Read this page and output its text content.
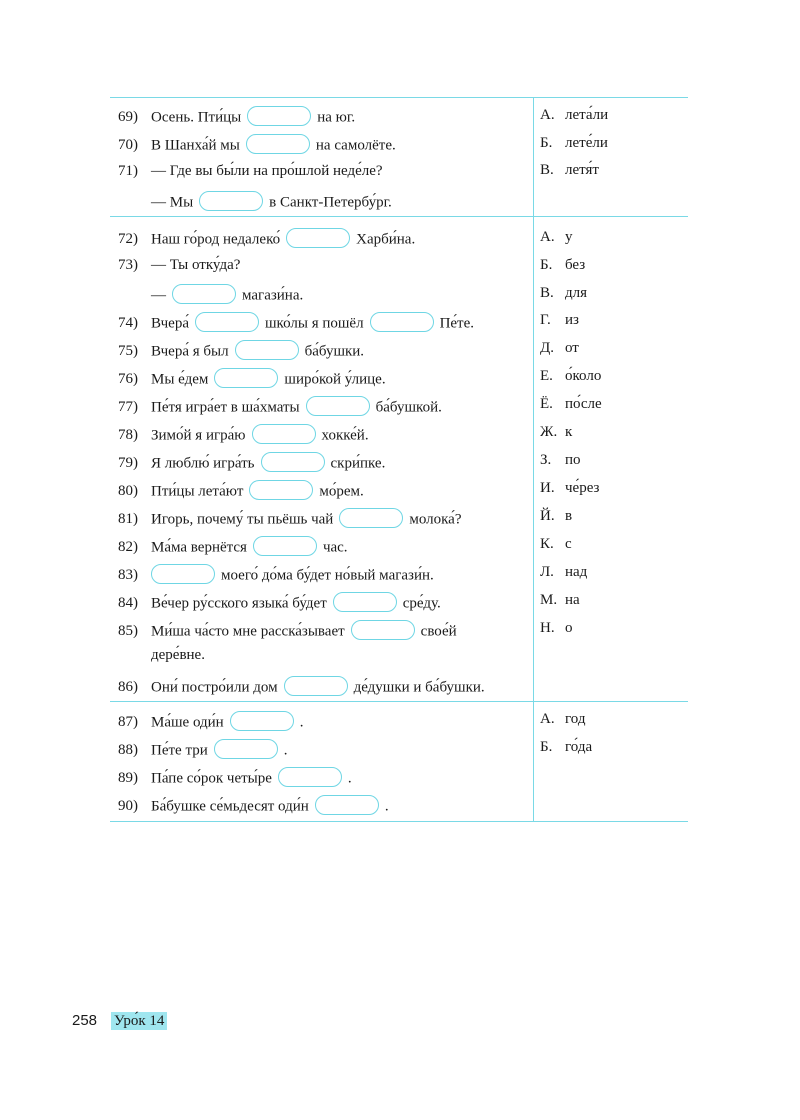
69) Осень. Пти́цы	на юг.
70) В Шанха́й мы	на самолёте.
71) — Где вы бы́ли на про́шлой неде́ле?
— Мы	в Санкт-Петербу́рг.
А. лета́ли
Б. лете́ли
В. летя́т
72) Наш го́род недалеко́	Харби́на.
73) — Ты отку́да?
—	магази́на.
74) Вчера́	шко́лы я пошёл	Пе́те.
75) Вчера́ я был	ба́бушки.
76) Мы е́дем	широ́кой у́лице.
77) Пе́тя игра́ет в ша́хматы	ба́бушкой.
78) Зимо́й я игра́ю	хокке́й.
79) Я люблю́ игра́ть	скри́пке.
80) Пти́цы лета́ют	мо́рем.
81) Игорь, почему́ ты пьёшь чай	молока́?
82) Ма́ма вернётся	час.
83)	моего́ до́ма бу́дет но́вый магази́н.
84) Ве́чер ру́сского языка́ бу́дет	сре́ду.
85) Ми́ша ча́сто мне расска́зывает	свое́й
дере́вне.
86) Они́ постро́или дом	де́душки и ба́бушки.
А. у
Б. без
В. для
Г. из
Д. от
Е. о́коло
Ё. по́сле
Ж. к
З. по
И. че́рез
Й. в
К. с
Л. над
М. на
Н. о
87) Ма́ше оди́н	.
88) Пе́те три	.
89) Па́пе со́рок четы́ре	.
90) Ба́бушке се́мьдесят оди́н	.
А. год
Б. го́да
258 Уро́к 14
